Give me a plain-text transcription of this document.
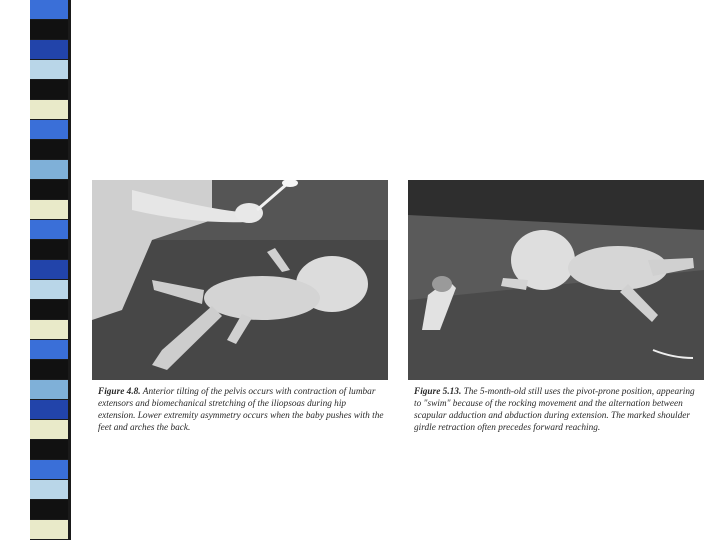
Figure 4.8. Anterior tilting of the pelvis occurs with contraction of lumbar extensors and biomechanical stretching of the iliopsoas during hip extension. Lower extremity asymmetry occurs when the baby pushes with the feet and arches the back.
Figure 5.13. The 5-month-old still uses the pivot-prone position, appearing to "swim" because of the rocking movement and the alternation between scapular adduction and abduction during extension. The marked shoulder girdle retraction often precedes forward reaching.
